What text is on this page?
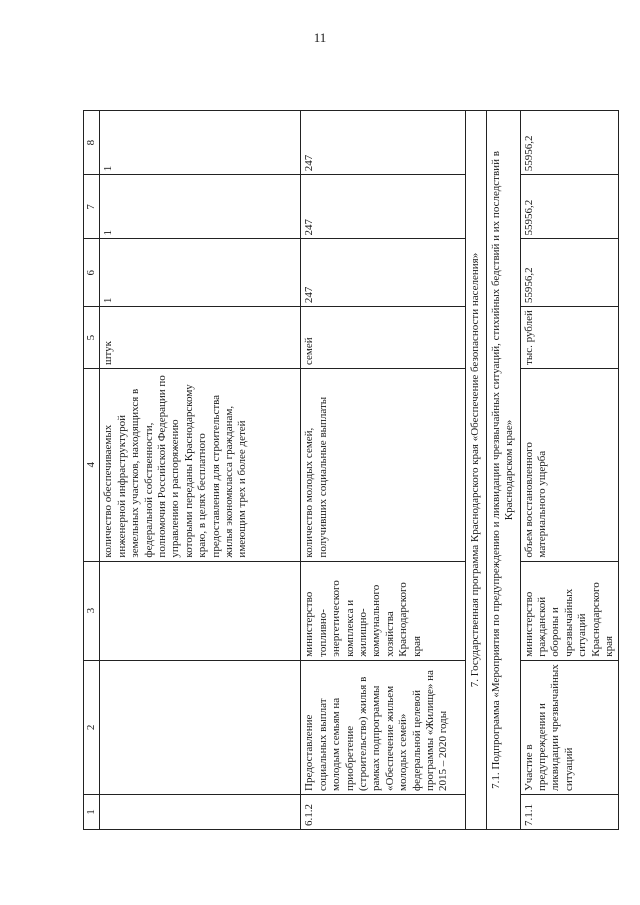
11
1	2	3	4	5	6	7	8
			количество обеспечиваемых инженерной инфраструктурой земельных участков, находящихся в федеральной собственности, полномочия Российской Федерации по управлению и распоряжению которыми переданы Краснодарскому краю, в целях бесплатного предоставления для строительства жилья экономкласса гражданам, имеющим трех и более детей	штук	1	1	1
6.1.2	Предоставление социальных выплат молодым семьям на приобретение (строительство) жилья в рамках подпрограммы «Обеспечение жильем молодых семей» федеральной целевой программы «Жилище» на 2015 – 2020 годы	министерство топливно-энергетического комплекса и жилищно-коммунального хозяйства Краснодарского края	количество молодых семей, получивших социальные выплаты	семей	247	247	247
7. Государственная программа Краснодарского края «Обеспечение безопасности населения»							
7.1. Подпрограмма «Мероприятия по предупреждению и ликвидации чрезвычайных ситуаций, стихийных бедствий и их последствий в Краснодарском крае»							
7.1.1	Участие в предупреждении и ликвидации чрезвычайных ситуаций	министерство гражданской обороны и чрезвычайных ситуаций Краснодарского края	объем восстановленного материального ущерба	тыс. рублей	55956,2	55956,2	55956,2
